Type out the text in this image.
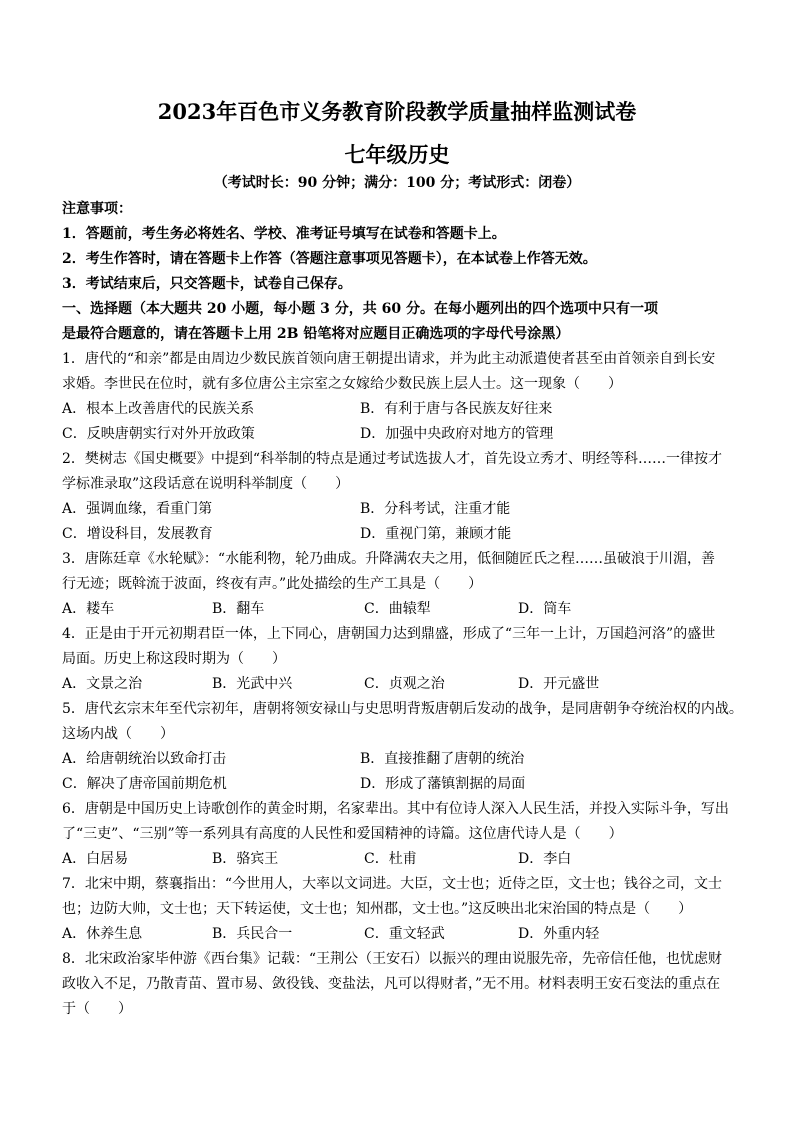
2023年百色市义务教育阶段教学质量抽样监测试卷
七年级历史
（考试时长：90 分钟；满分：100 分；考试形式：闭卷）
注意事项：
1．答题前，考生务必将姓名、学校、准考证号填写在试卷和答题卡上。
2．考生作答时，请在答题卡上作答（答题注意事项见答题卡），在本试卷上作答无效。
3．考试结束后，只交答题卡，试卷自己保存。
一、选择题（本大题共 20 小题，每小题 3 分，共 60 分。在每小题列出的四个选项中只有一项
是最符合题意的，请在答题卡上用 2B 铅笔将对应题目正确选项的字母代号涂黑）
1．唐代的“和亲”都是由周边少数民族首领向唐王朝提出请求，并为此主动派遣使者甚至由首领亲自到长安
求婚。李世民在位时，就有多位唐公主宗室之女嫁给少数民族上层人士。这一现象（　　）
A．根本上改善唐代的民族关系	B．有利于唐与各民族友好往来
C．反映唐朝实行对外开放政策	D．加强中央政府对地方的管理
2．樊树志《国史概要》中提到“科举制的特点是通过考试选拔人才，首先设立秀才、明经等科……一律按才
学标准录取”这段话意在说明科举制度（　　）
A．强调血缘，看重门第	B．分科考试，注重才能
C．增设科目，发展教育	D．重视门第，兼顾才能
3．唐陈廷章《水轮赋》：“水能利物，轮乃曲成。升降满农夫之用，低徊随匠氏之程……虽破浪于川湄，善
行无迹；既斡流于波面，终夜有声。”此处描绘的生产工具是（　　）
A．耧车	B．翻车	C．曲辕犁	D．筒车
4．正是由于开元初期君臣一体，上下同心，唐朝国力达到鼎盛，形成了“三年一上计，万国趋河洛”的盛世
局面。历史上称这段时期为（　　）
A．文景之治	B．光武中兴	C．贞观之治	D．开元盛世
5．唐代玄宗末年至代宗初年，唐朝将领安禄山与史思明背叛唐朝后发动的战争，是同唐朝争夺统治权的内战。
这场内战（　　）
A．给唐朝统治以致命打击	B．直接推翻了唐朝的统治
C．解决了唐帝国前期危机	D．形成了藩镇割据的局面
6．唐朝是中国历史上诗歌创作的黄金时期，名家辈出。其中有位诗人深入人民生活，并投入实际斗争，写出
了“三吏”、“三别”等一系列具有高度的人民性和爱国精神的诗篇。这位唐代诗人是（　　）
A．白居易	B．骆宾王	C．杜甫	D．李白
7．北宋中期，蔡襄指出：“今世用人，大率以文词进。大臣，文士也；近侍之臣，文士也；钱谷之司，文士
也；边防大帅，文士也；天下转运使，文士也；知州郡，文士也。”这反映出北宋治国的特点是（　　）
A．休养生息	B．兵民合一	C．重文轻武	D．外重内轻
8．北宋政治家毕仲游《西台集》记载：“王荆公（王安石）以振兴的理由说服先帝，先帝信任他，也忧虑财
政收入不足，乃散青苗、置市易、敛役钱、变盐法，凡可以得财者，”无不用。材料表明王安石变法的重点在
于（　　）
